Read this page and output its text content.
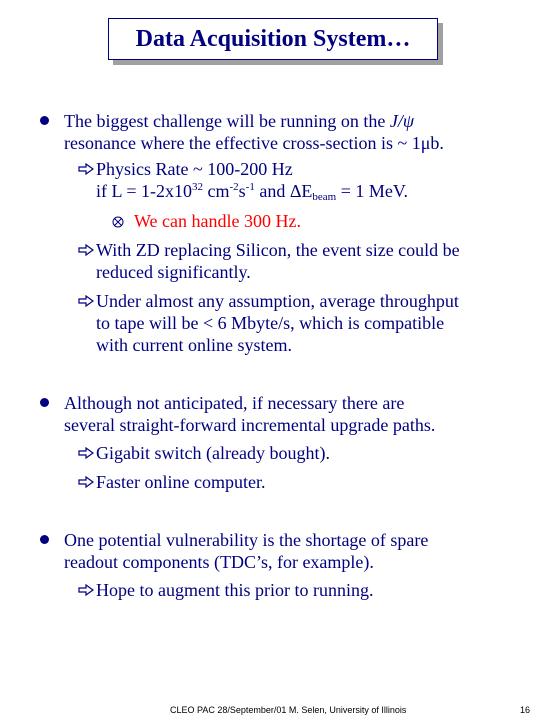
Data Acquisition System…
The biggest challenge will be running on the J/ψ
resonance where the effective cross-section is ~ 1μb.
Physics Rate ~ 100-200 Hz
if $L = 1-2x10^{32}$ $cm^{-2}s^{-1}$ and $\Delta E_{beam} = 1$ MeV.
We can handle 300 Hz.
With ZD replacing Silicon, the event size could be
reduced significantly.
Under almost any assumption, average throughput
to tape will be < 6 Mbyte/s, which is compatible
with current online system.
Although not anticipated, if necessary there are
several straight-forward incremental upgrade paths.
Gigabit switch (already bought).
Faster online computer.
One potential vulnerability is the shortage of spare
readout components (TDC’s, for example).
Hope to augment this prior to running.
CLEO PAC 28/September/01 M. Selen, University of Illinois	16
